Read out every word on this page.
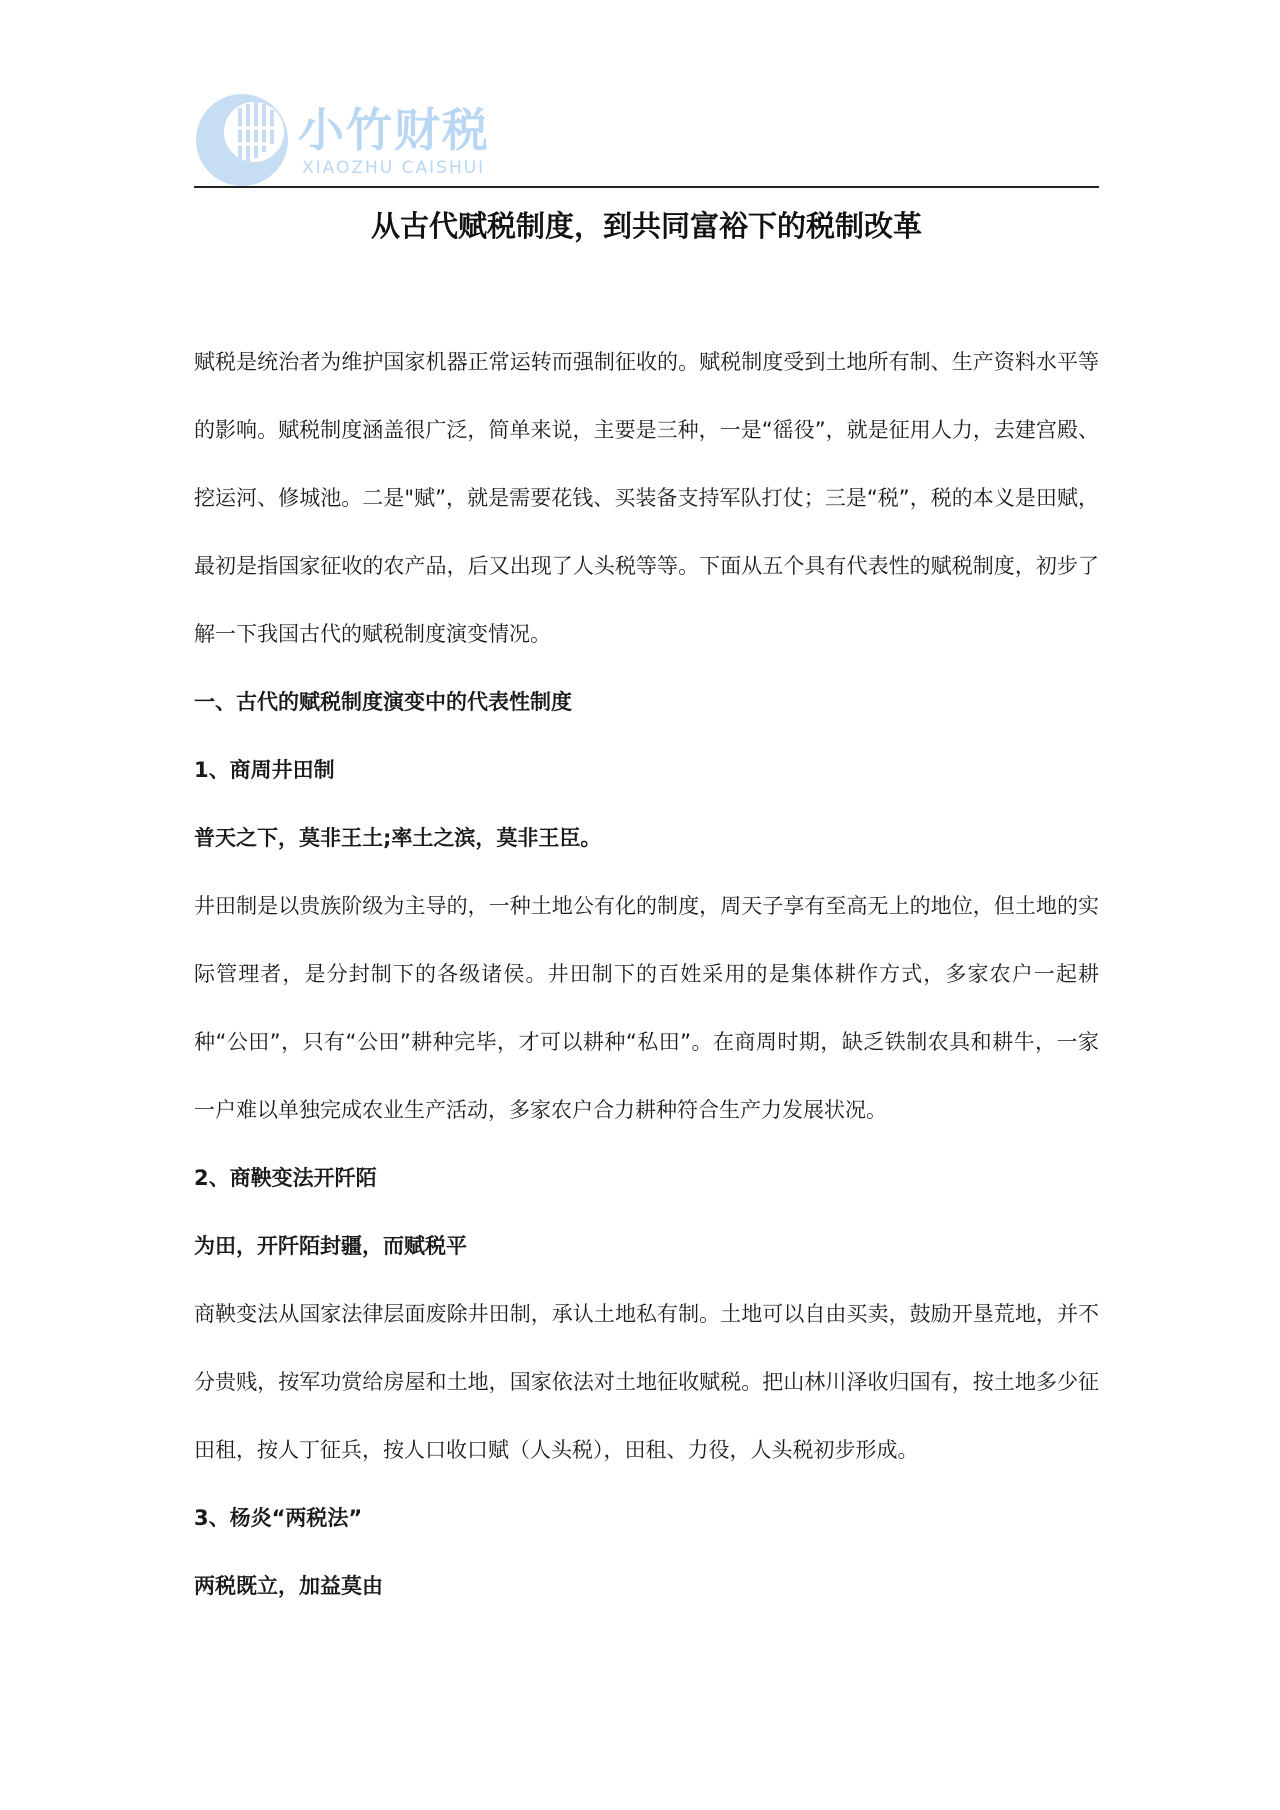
小竹财税
XIAOZHU CAISHUI
从古代赋税制度，到共同富裕下的税制改革

赋税是统治者为维护国家机器正常运转而强制征收的。赋税制度受到土地所有制、生产资料水平等的影响。赋税制度涵盖很广泛，简单来说，主要是三种，一是“徭役”，就是征用人力，去建宫殿、挖运河、修城池。二是"赋”，就是需要花钱、买装备支持军队打仗；三是“税”，税的本义是田赋，最初是指国家征收的农产品，后又出现了人头税等等。下面从五个具有代表性的赋税制度，初步了解一下我国古代的赋税制度演变情况。

一、古代的赋税制度演变中的代表性制度

1、商周井田制

普天之下，莫非王土;率土之滨，莫非王臣。

井田制是以贵族阶级为主导的，一种土地公有化的制度，周天子享有至高无上的地位，但土地的实际管理者，是分封制下的各级诸侯。井田制下的百姓采用的是集体耕作方式，多家农户一起耕种“公田”，只有“公田”耕种完毕，才可以耕种“私田”。在商周时期，缺乏铁制农具和耕牛，一家一户难以单独完成农业生产活动，多家农户合力耕种符合生产力发展状况。

2、商鞅变法开阡陌

为田，开阡陌封疆，而赋税平

商鞅变法从国家法律层面废除井田制，承认土地私有制。土地可以自由买卖，鼓励开垦荒地，并不分贵贱，按军功赏给房屋和土地，国家依法对土地征收赋税。把山林川泽收归国有，按土地多少征田租，按人丁征兵，按人口收口赋（人头税），田租、力役，人头税初步形成。

3、杨炎“两税法”

两税既立，加益莫由
